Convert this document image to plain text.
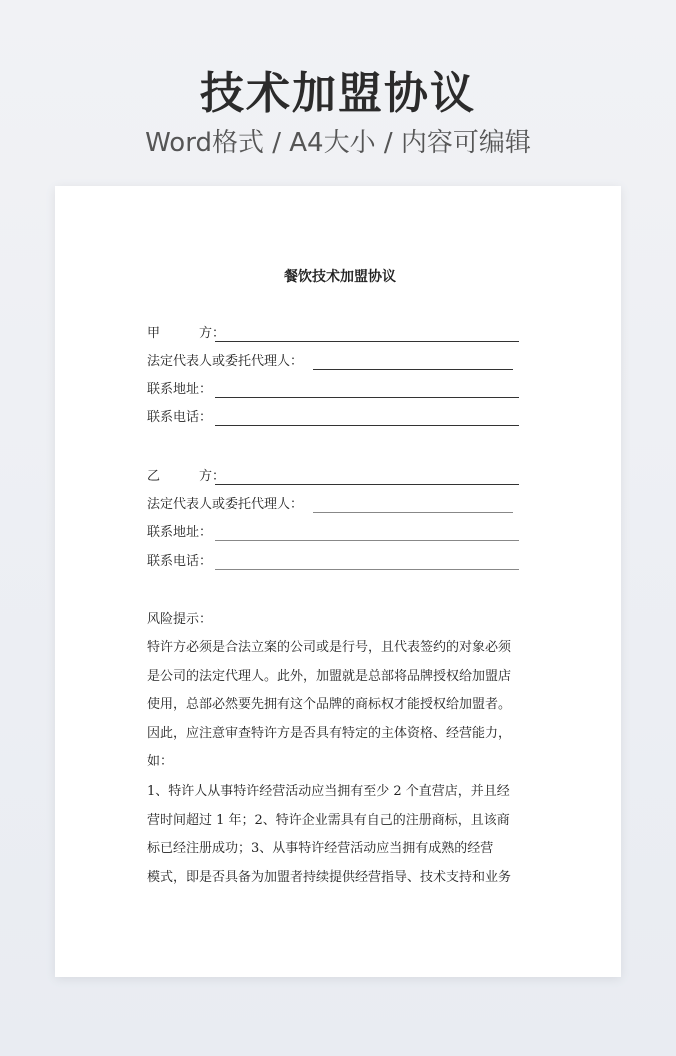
技术加盟协议
Word格式 / A4大小 / 内容可编辑
餐饮技术加盟协议
甲　　　方：
法定代表人或委托代理人：
联系地址：
联系电话：
乙　　　方：
法定代表人或委托代理人：
联系地址：
联系电话：
风险提示：
特许方必须是合法立案的公司或是行号，且代表签约的对象必须
是公司的法定代理人。此外，加盟就是总部将品牌授权给加盟店
使用，总部必然要先拥有这个品牌的商标权才能授权给加盟者。
因此，应注意审查特许方是否具有特定的主体资格、经营能力，
如：
1、特许人从事特许经营活动应当拥有至少 2 个直营店，并且经
营时间超过 1 年；2、特许企业需具有自己的注册商标，且该商
标已经注册成功；3、从事特许经营活动应当拥有成熟的经营
模式，即是否具备为加盟者持续提供经营指导、技术支持和业务
